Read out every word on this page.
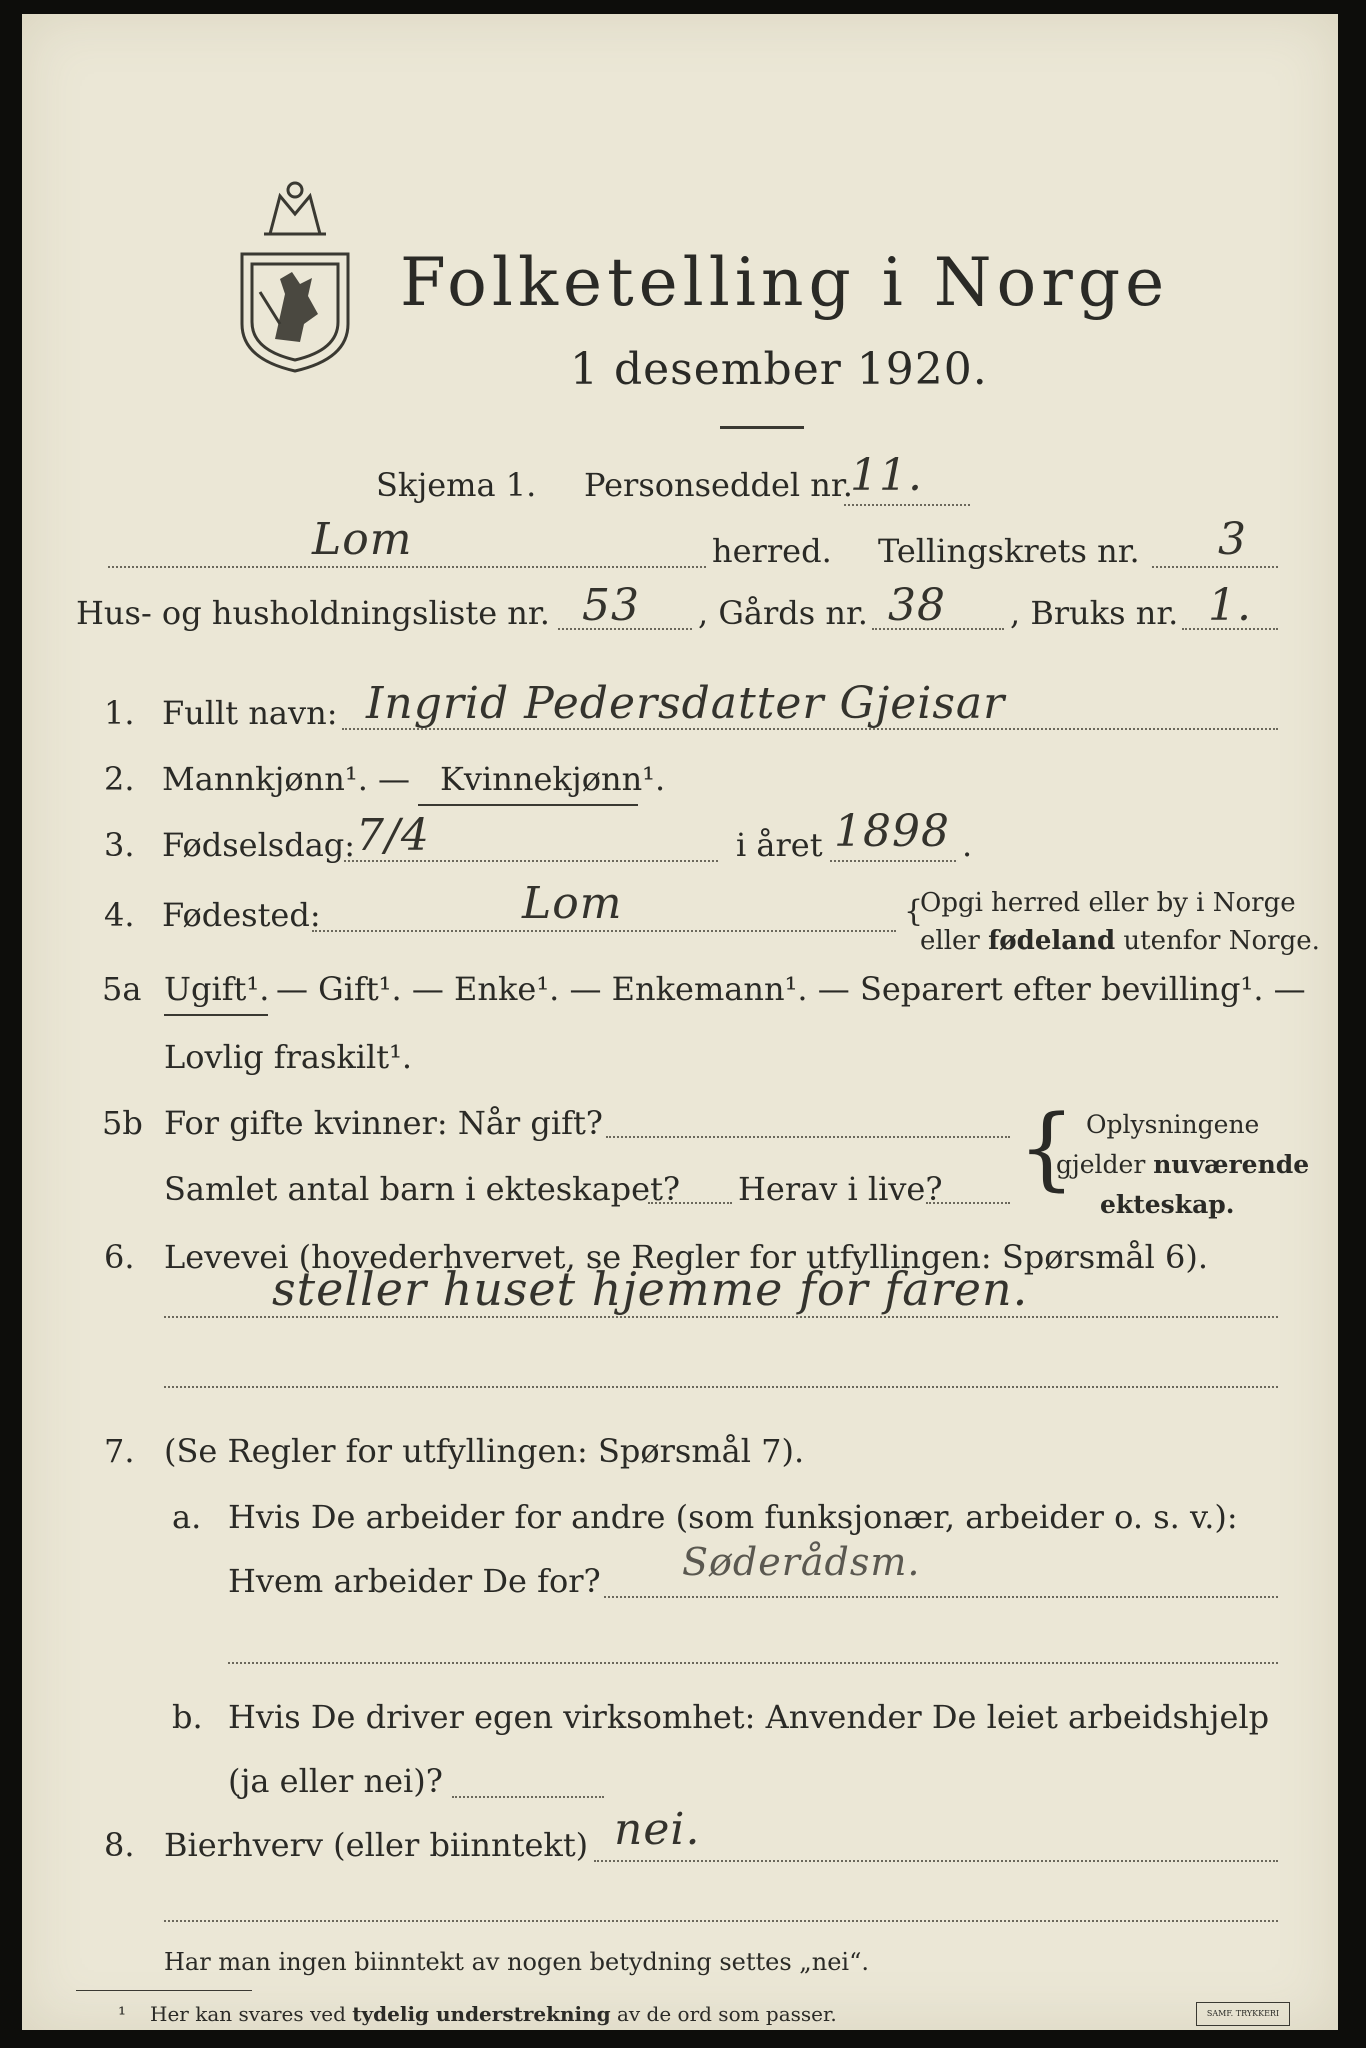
Folketelling i Norge
1 desember 1920.
Skjema 1. Personseddel nr.
11.
Lom	herred. Tellingskrets nr. 3
Hus- og husholdningsliste nr. 53 , Gårds nr. 38 , Bruks nr. 1.
1. Fullt navn: Ingrid Pedersdatter Gjeisar
2. Mannkjønn¹. — Kvinnekjønn¹.
3. Fødselsdag: 7/4	i året 1898 .
4. Fødested:	Lom	{
Opgi herred eller by i Norge
eller fødeland utenfor Norge.
5a Ugift¹. — Gift¹. — Enke¹. — Enkemann¹. — Separert efter bevilling¹. —
Lovlig fraskilt¹.
5b For gifte kvinner: Når gift?
Samlet antal barn i ekteskapet? Herav i live? { Oplysningene
gjelder nuværende
ekteskap.
6. Levevei (hovederhvervet, se Regler for utfyllingen: Spørsmål 6).
steller huset hjemme for faren.
7. (Se Regler for utfyllingen: Spørsmål 7).
a. Hvis De arbeider for andre (som funksjonær, arbeider o. s. v.):
Hvem arbeider De for? Søderådsm.
b. Hvis De driver egen virksomhet: Anvender De leiet arbeidshjelp
(ja eller nei)?
8. Bierhverv (eller biinntekt) nei.
Har man ingen biinntekt av nogen betydning settes „nei“.
¹ Her kan svares ved tydelig understrekning av de ord som passer.	SAMF. TRYKKERI
